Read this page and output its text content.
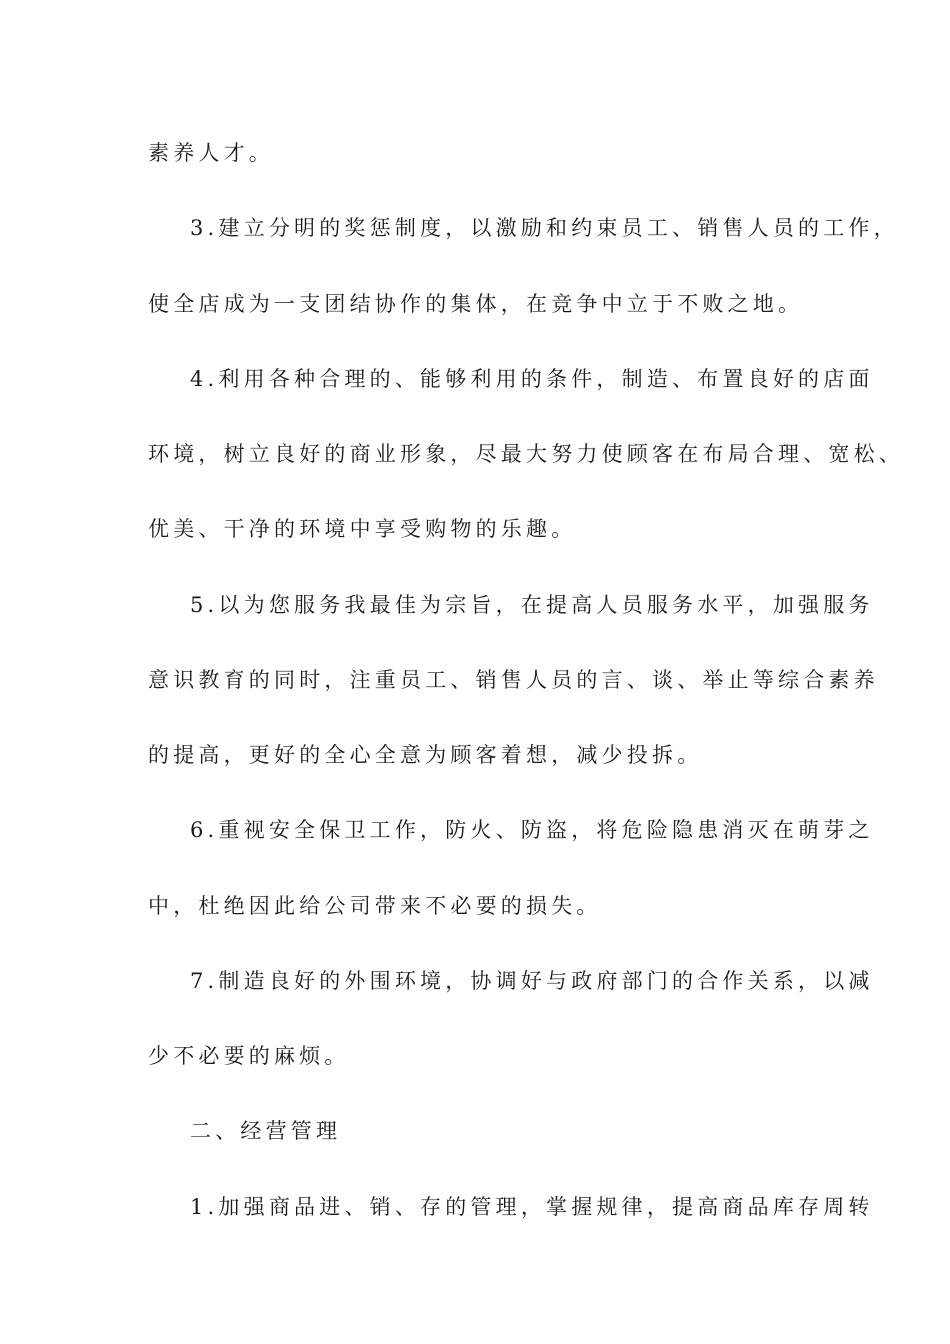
素养人才。
3.建立分明的奖惩制度，以激励和约束员工、销售人员的工作，
使全店成为一支团结协作的集体，在竞争中立于不败之地。
4.利用各种合理的、能够利用的条件，制造、布置良好的店面
环境，树立良好的商业形象，尽最大努力使顾客在布局合理、宽松、
优美、干净的环境中享受购物的乐趣。
5.以为您服务我最佳为宗旨，在提高人员服务水平，加强服务
意识教育的同时，注重员工、销售人员的言、谈、举止等综合素养
的提高，更好的全心全意为顾客着想，减少投拆。
6.重视安全保卫工作，防火、防盗，将危险隐患消灭在萌芽之
中，杜绝因此给公司带来不必要的损失。
7.制造良好的外围环境，协调好与政府部门的合作关系，以减
少不必要的麻烦。
二、经营管理
1.加强商品进、销、存的管理，掌握规律，提高商品库存周转
